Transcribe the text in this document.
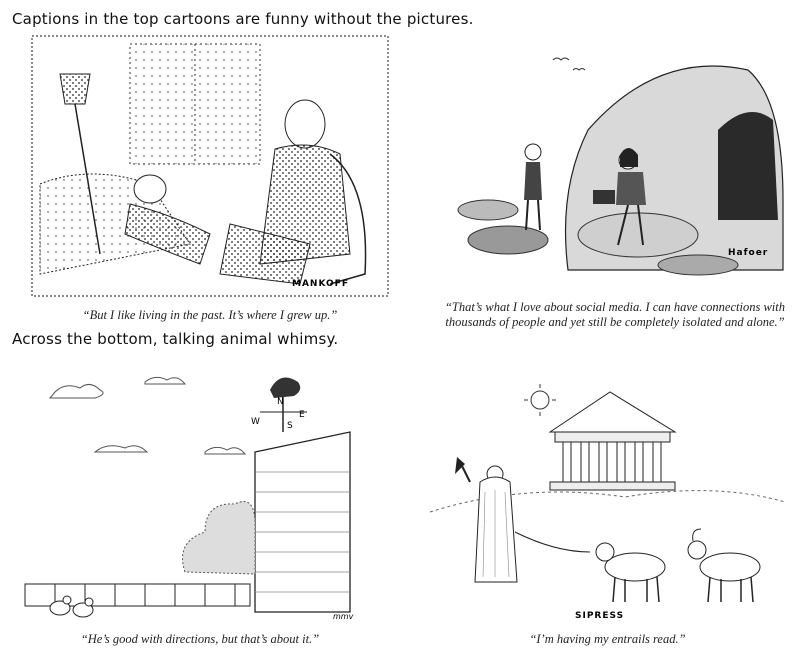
Captions in the top cartoons are funny without the pictures.
Across the bottom, talking animal whimsy.
MANKOFF
“But I like living in the past. It’s where I grew up.”
Hafoer
“That’s what I love about social media. I can have connections with
thousands of people and yet still be completely isolated and alone.”
N
E
W	S
mmv
“He’s good with directions, but that’s about it.”
SIPRESS
“I’m having my entrails read.”
